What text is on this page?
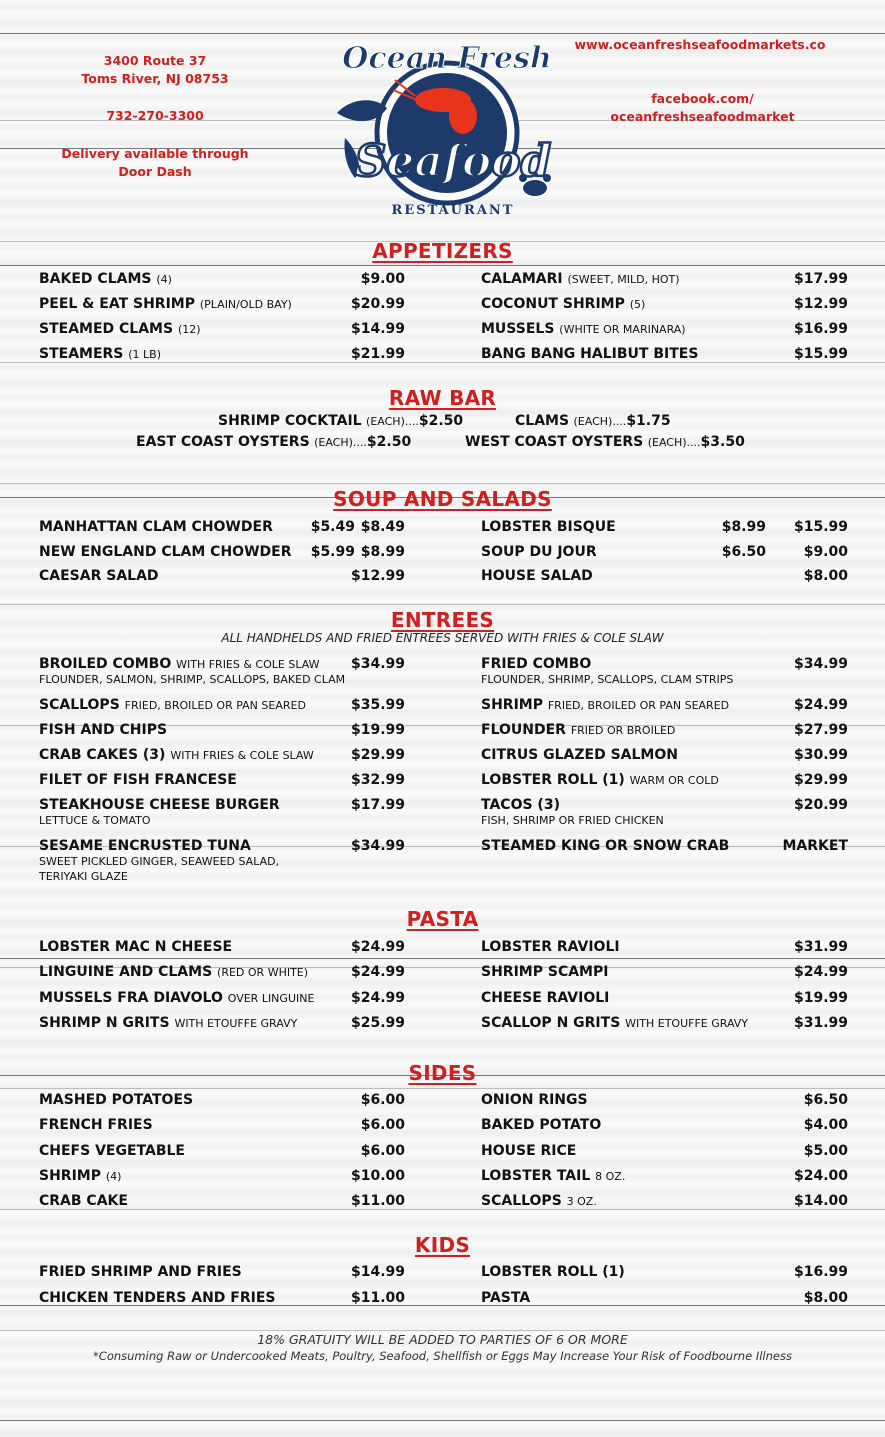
3400 Route 37
Toms River, NJ 08753
732-270-3300
Delivery available through
Door Dash
www.oceanfreshseafoodmarkets.co
facebook.com/
oceanfreshseafoodmarket
Ocean Fresh
Seafood
RESTAURANT
APPETIZERS
BAKED CLAMS (4)	$9.00
PEEL & EAT SHRIMP (PLAIN/OLD BAY)	$20.99
STEAMED CLAMS (12)	$14.99
STEAMERS (1 LB)	$21.99
CALAMARI (SWEET, MILD, HOT)	$17.99
COCONUT SHRIMP (5)	$12.99
MUSSELS (WHITE OR MARINARA)	$16.99
BANG BANG HALIBUT BITES	$15.99
RAW BAR
SHRIMP COCKTAIL (EACH)....$2.50	CLAMS (EACH)....$1.75
EAST COAST OYSTERS (EACH)....$2.50	WEST COAST OYSTERS (EACH)....$3.50
SOUP AND SALADS
MANHATTAN CLAM CHOWDER	$5.49 $8.49
NEW ENGLAND CLAM CHOWDER $5.99 $8.99
CAESAR SALAD	$12.99
LOBSTER BISQUE	$8.99 $15.99
SOUP DU JOUR	$6.50	$9.00
HOUSE SALAD	$8.00
ENTREES
ALL HANDHELDS AND FRIED ENTREES SERVED WITH FRIES & COLE SLAW
BROILED COMBO WITH FRIES & COLE SLAW
FLOUNDER, SALMON, SHRIMP, SCALLOPS, BAKED CLAM
$34.99
SCALLOPS FRIED, BROILED OR PAN SEARED	$35.99
FISH AND CHIPS	$19.99
CRAB CAKES (3) WITH FRIES & COLE SLAW	$29.99
FILET OF FISH FRANCESE	$32.99
STEAKHOUSE CHEESE BURGER
LETTUCE & TOMATO
$17.99
SESAME ENCRUSTED TUNA
SWEET PICKLED GINGER, SEAWEED SALAD,
TERIYAKI GLAZE
$34.99
FRIED COMBO
FLOUNDER, SHRIMP, SCALLOPS, CLAM STRIPS
$34.99
SHRIMP FRIED, BROILED OR PAN SEARED	$24.99
FLOUNDER FRIED OR BROILED	$27.99
CITRUS GLAZED SALMON	$30.99
LOBSTER ROLL (1) WARM OR COLD	$29.99
TACOS (3)
FISH, SHRIMP OR FRIED CHICKEN
$20.99
STEAMED KING OR SNOW CRAB	MARKET
PASTA
LOBSTER MAC N CHEESE	$24.99
LINGUINE AND CLAMS (RED OR WHITE)	$24.99
MUSSELS FRA DIAVOLO OVER LINGUINE	$24.99
SHRIMP N GRITS WITH ETOUFFE GRAVY	$25.99
LOBSTER RAVIOLI	$31.99
SHRIMP SCAMPI	$24.99
CHEESE RAVIOLI	$19.99
SCALLOP N GRITS WITH ETOUFFE GRAVY	$31.99
SIDES
MASHED POTATOES	$6.00
FRENCH FRIES	$6.00
CHEFS VEGETABLE	$6.00
SHRIMP (4)	$10.00
CRAB CAKE	$11.00
ONION RINGS	$6.50
BAKED POTATO	$4.00
HOUSE RICE	$5.00
LOBSTER TAIL 8 OZ.	$24.00
SCALLOPS 3 OZ.	$14.00
KIDS
FRIED SHRIMP AND FRIES	$14.99
CHICKEN TENDERS AND FRIES	$11.00
LOBSTER ROLL (1)	$16.99
PASTA	$8.00
18% GRATUITY WILL BE ADDED TO PARTIES OF 6 OR MORE
*Consuming Raw or Undercooked Meats, Poultry, Seafood, Shellfish or Eggs May Increase Your Risk of Foodbourne Illness
